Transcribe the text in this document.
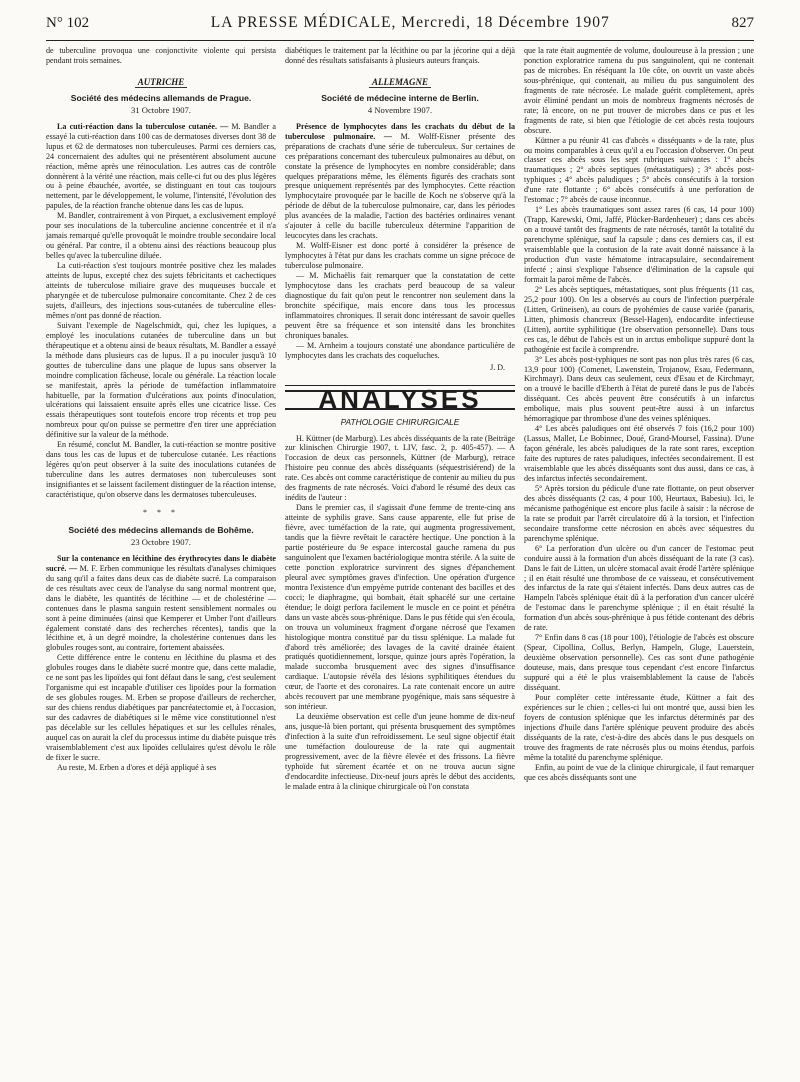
N° 102	LA PRESSE MÉDICALE, Mercredi, 18 Décembre 1907	827

de tuberculine provoqua une conjonctivite violente qui persista pendant trois semaines.

AUTRICHE
Société des médecins allemands de Prague.
31 Octobre 1907.

La cuti-réaction dans la tuberculose cutanée. — M. Bandler a essayé la cuti-réaction dans 100 cas de dermatoses diverses dont 38 de lupus et 62 de dermatoses non tuberculeuses. Parmi ces derniers cas, 24 concernaient des adultes qui ne présentèrent absolument aucune réaction, même après une réinoculation. Les autres cas de contrôle donnèrent à la vérité une réaction, mais celle-ci fut ou des plus légères ou à peine ébauchée, avortée, se distinguant en tout cas toujours nettement, par le développement, le volume, l'intensité, l'évolution des papules, de la réaction franche obtenue dans les cas de lupus.

M. Bandler, contrairement à von Pirquet, a exclusivement employé pour ses inoculations de la tuberculine ancienne concentrée et il n'a jamais remarqué qu'elle provoquât le moindre trouble secondaire local ou général. Par contre, il a obtenu ainsi des réactions beaucoup plus belles qu'avec la tuberculine diluée.

La cuti-réaction s'est toujours montrée positive chez les malades atteints de lupus, excepté chez des sujets fébricitants et cachectiques atteints de tuberculose miliaire grave des muqueuses buccale et pharyngée et de tuberculose pulmonaire concomitante. Chez 2 de ces sujets, d'ailleurs, des injections sous-cutanées de tuberculine elles-mêmes n'ont pas donné de réaction.

Suivant l'exemple de Nagelschmidt, qui, chez les lupiques, a employé les inoculations cutanées de tuberculine dans un but thérapeutique et a obtenu ainsi de beaux résultats, M. Bandler a essayé la méthode dans plusieurs cas de lupus. Il a pu inoculer jusqu'à 10 gouttes de tuberculine dans une plaque de lupus sans observer la moindre complication fâcheuse, locale ou générale. La réaction locale se manifestait, après la période de tuméfaction inflammatoire habituelle, par la formation d'ulcérations aux points d'inoculation, ulcérations qui laissaient ensuite après elles une cicatrice lisse. Ces essais thérapeutiques sont toutefois encore trop récents et trop peu nombreux pour qu'on puisse se permettre d'en tirer une appréciation définitive sur la valeur de la méthode.

En résumé, conclut M. Bandler, la cuti-réaction se montre positive dans tous les cas de lupus et de tuberculose cutanée. Les réactions légères qu'on peut observer à la suite des inoculations cutanées de tuberculine dans les autres dermatoses non tuberculeuses sont insignifiantes et se laissent facilement distinguer de la réaction intense, caractéristique, qu'on observe dans les dermatoses tuberculeuses.

* * *
Société des médecins allemands de Bohême.
23 Octobre 1907.

Sur la contenance en lécithine des érythrocytes dans le diabète sucré. — M. F. Erben communique les résultats d'analyses chimiques du sang qu'il a faites dans deux cas de diabète sucré. La comparaison de ces résultats avec ceux de l'analyse du sang normal montrent que, dans le diabète, les quantités de lécithine — et de cholestérine — contenues dans le plasma sanguin restent sensiblement normales ou sont à peine diminuées (ainsi que Kemperer et Umber l'ont d'ailleurs également constaté dans des recherches récentes), tandis que la lécithine et, à un degré moindre, la cholestérine contenues dans les globules rouges sont, au contraire, fortement abaissées.

Cette différence entre le contenu en lécithine du plasma et des globules rouges dans le diabète sucré montre que, dans cette maladie, ce ne sont pas les lipoïdes qui font défaut dans le sang, c'est seulement l'organisme qui est incapable d'utiliser ces lipoïdes pour la formation de ses globules rouges. M. Erben se propose d'ailleurs de rechercher, sur des chiens rendus diabétiques par pancréatectomie et, à l'occasion, sur des cadavres de diabétiques si le même vice constitutionnel n'est pas décelable sur les cellules hépatiques et sur les cellules rénales, auquel cas on aurait la clef du processus intime du diabète puisque très vraisemblablement c'est aux lipoïdes cellulaires qu'est dévolu le rôle de fixer le sucre.

Au reste, M. Erben a d'ores et déjà appliqué à ses

diabétiques le traitement par la lécithine ou par la jécorine qui a déjà donné des résultats satisfaisants à plusieurs auteurs français.

ALLEMAGNE
Société de médecine interne de Berlin.
4 Novembre 1907.

Présence de lymphocytes dans les crachats du début de la tuberculose pulmonaire. — M. Wolff-Eisner présente des préparations de crachats d'une série de tuberculeux. Sur certaines de ces préparations concernant des tuberculeux pulmonaires au début, on constate la présence de lymphocytes en nombre considérable; dans quelques préparations même, les éléments figurés des crachats sont presque uniquement représentés par des lymphocytes. Cette réaction lymphocytaire provoquée par le bacille de Koch ne s'observe qu'à la période de début de la tuberculose pulmonaire, car, dans les périodes plus avancées de la maladie, l'action des bactéries ordinaires venant s'ajouter à celle du bacille tuberculeux détermine l'apparition de leucocytes dans les crachats.

M. Wolff-Eisner est donc porté à considérer la présence de lymphocytes à l'état pur dans les crachats comme un signe précoce de tuberculose pulmonaire.

— M. Michaëlis fait remarquer que la constatation de cette lymphocytose dans les crachats perd beaucoup de sa valeur diagnostique du fait qu'on peut le rencontrer non seulement dans la bronchite spécifique, mais encore dans tous les processus inflammatoires chroniques. Il serait donc intéressant de savoir quelles peuvent être sa fréquence et son intensité dans les bronchites chroniques banales.

— M. Arnheim a toujours constaté une abondance particulière de lymphocytes dans les crachats des coqueluches.

J. D.
ANALYSES
PATHOLOGIE CHIRURGICALE

H. Küttner (de Marburg). Les abcès disséquants de la rate (Beiträge zur klinischen Chirurgie 1907, t. LIV, fasc. 2, p. 405-457). — A l'occasion de deux cas personnels, Küttner (de Marburg), retrace l'histoire peu connue des abcès disséquants (séquestrisiérend) de la rate. Ces abcès ont comme caractéristique de contenir au milieu du pus des fragments de rate nécrosés. Voici d'abord le résumé des deux cas inédits de l'auteur :

Dans le premier cas, il s'agissait d'une femme de trente-cinq ans atteinte de syphilis grave. Sans cause apparente, elle fut prise de fièvre, avec tuméfaction de la rate, qui augmenta progressivement, tandis que la fièvre revêtait le caractère hectique. Une ponction à la partie postérieure du 9e espace intercostal gauche ramena du pus sanguinolent que l'examen bactériologique montra stérile. A la suite de cette ponction exploratrice survinrent des signes d'épanchement pleural avec symptômes graves d'infection. Une opération d'urgence montra l'existence d'un empyème putride contenant des bacilles et des cocci; le diaphragme, qui bombait, était sphacélé sur une certaine étendue; le doigt perfora facilement le muscle en ce point et pénétra dans un vaste abcès sous-phrénique. Dans le pus fétide qui s'en écoula, on trouva un volumineux fragment d'organe nécrosé que l'examen histologique montra constitué par du tissu splénique. La malade fut d'abord très améliorée; des lavages de la cavité drainée étaient pratiqués quotidiennement, lorsque, quinze jours après l'opération, la malade succomba brusquement avec des signes d'insuffisance cardiaque. L'autopsie révéla des lésions syphilitiques étendues du cœur, de l'aorte et des coronaires. La rate contenait encore un autre abcès recouvert par une membrane pyogénique, mais sans séquestre à son intérieur.

La deuxième observation est celle d'un jeune homme de dix-neuf ans, jusque-là bien portant, qui présenta brusquement des symptômes d'infection à la suite d'un refroidissement. Le seul signe objectif était une tuméfaction douloureuse de la rate qui augmentait progressivement, avec de la fièvre élevée et des frissons. La fièvre typhoïde fut sûrement écartée et on ne trouva aucun signe d'endocardite infectieuse. Dix-neuf jours après le début des accidents, le malade entra à la clinique chirurgicale où l'on constata

que la rate était augmentée de volume, douloureuse à la pression ; une ponction exploratrice ramena du pus sanguinolent, qui ne contenait pas de microbes. En réséquant la 10e côte, on ouvrit un vaste abcès sous-phrénique, qui contenait, au milieu du pus sanguinolent des fragments de rate nécrosée. Le malade guérit complètement, après avoir éliminé pendant un mois de nombreux fragments nécrosés de rate; là encore, on ne put trouver de microbes dans ce pus et les fragments de rate, si bien que l'étiologie de cet abcès resta toujours obscure.

Küttner a pu réunir 41 cas d'abcès « disséquants » de la rate, plus ou moins comparables à ceux qu'il a eu l'occasion d'observer. On peut classer ces abcès sous les sept rubriques suivantes : 1° abcès traumatiques ; 2° abcès septiques (métastatiques) ; 3° abcès post-typhiques ; 4° abcès paludiques ; 5° abcès consécutifs à la torsion d'une rate flottante ; 6° abcès consécutifs à une perforation de l'estomac ; 7° abcès de cause inconnue.

1° Les abcès traumatiques sont assez rares (6 cas, 14 pour 100) (Trapp, Karewski, Omi, Jaffé, Plücker-Bardenheuer) ; dans ces abcès on a trouvé tantôt des fragments de rate nécrosés, tantôt la totalité du parenchyme splénique, sauf la capsule ; dans ces derniers cas, il est vraisemblable que la contusion de la rate avait donné naissance à la production d'un vaste hématome intracapsulaire, secondairement infecté ; ainsi s'explique l'absence d'élimination de la capsule qui formait la paroi même de l'abcès.

2° Les abcès septiques, métastatiques, sont plus fréquents (11 cas, 25,2 pour 100). On les a observés au cours de l'infection puerpérale (Litten, Grüneisen), au cours de pyohémies de cause variée (panaris, Litten, phimosis chancreux (Bessel-Hagen), endocardite infectieuse (Litten), aortite syphilitique (1re observation personnelle). Dans tous ces cas, le début de l'abcès est un in arctus embolique suppuré dont la pathogénie est facile à comprendre.

3° Les abcès post-typhiques ne sont pas non plus très rares (6 cas, 13,9 pour 100) (Comenet, Lawenstein, Trojanow, Esau, Federmann, Kirchmayr). Dans deux cas seulement, ceux d'Esau et de Kirchmayr, on a trouvé le bacille d'Eberth à l'état de pureté dans le pus de l'abcès disséquant. Ces abcès peuvent être consécutifs à un infarctus embolique, mais plus souvent peut-être aussi à un infarctus hémorragique par thrombose d'une des veines spléniques.

4° Les abcès paludiques ont été observés 7 fois (16,2 pour 100) (Lassus, Mallet, Le Bobinnec, Doué, Grand-Moursel, Fassina). D'une façon générale, les abcès paludiques de la rate sont rares, exception faite des ruptures de rates paludiques, infectées secondairement. Il est vraisemblable que les abcès disséquants sont dus aussi, dans ce cas, à des infarctus infectés secondairement.

5° Après torsion du pédicule d'une rate flottante, on peut observer des abcès disséquants (2 cas, 4 pour 100, Heurtaux, Babesiu). Ici, le mécanisme pathogénique est encore plus facile à saisir : la nécrose de la rate se produit par l'arrêt circulatoire dû à la torsion, et l'infection secondaire transforme cette nécrosion en abcès avec séquestres du parenchyme splénique.

6° La perforation d'un ulcère ou d'un cancer de l'estomac peut conduire aussi à la formation d'un abcès disséquant de la rate (3 cas). Dans le fait de Litten, un ulcère stomacal avait érodé l'artère splénique ; il en était résulté une thrombose de ce vaisseau, et consécutivement des infarctus de la rate qui s'étaient infectés. Dans deux autres cas de Hampeln l'abcès splénique était dû à la perforation d'un cancer ulcéré de l'estomac dans le parenchyme splénique ; il en était résulté la formation d'un abcès sous-phrénique à pus fétide contenant des débris de rate.

7° Enfin dans 8 cas (18 pour 100), l'étiologie de l'abcès est obscure (Spear, Cipollina, Collus, Berlyn, Hampeln, Gluge, Lauerstein, deuxième observation personnelle). Ces cas sont d'une pathogénie douteuse, mais, dans presque tous cependant c'est encore l'infarctus suppuré qui a été le plus vraisemblablement la cause de l'abcès disséquant.

Pour compléter cette intéressante étude, Küttner a fait des expériences sur le chien ; celles-ci lui ont montré que, aussi bien les foyers de contusion splénique que les infarctus déterminés par des injections d'huile dans l'artère splénique peuvent produire des abcès disséquants de la rate, c'est-à-dire des abcès dans le pus desquels on trouve des fragments de rate nécrosés plus ou moins étendus, parfois même la totalité du parenchyme splénique.

Enfin, au point de vue de la clinique chirurgicale, il faut remarquer que ces abcès disséquants sont une
